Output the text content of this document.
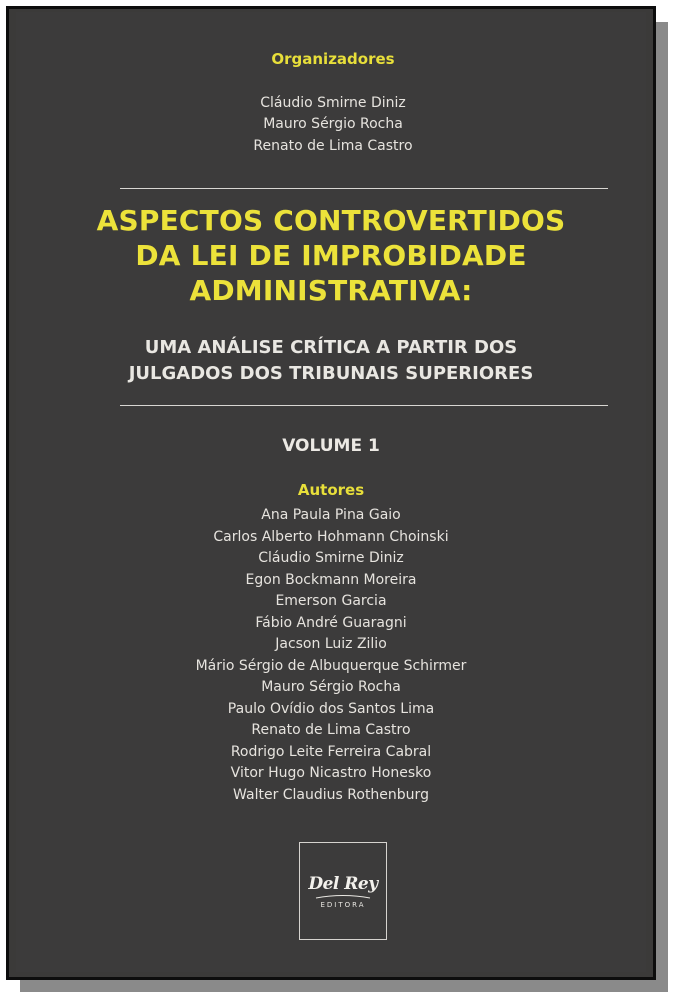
Organizadores
Cláudio Smirne Diniz
Mauro Sérgio Rocha
Renato de Lima Castro
ASPECTOS CONTROVERTIDOS
DA LEI DE IMPROBIDADE
ADMINISTRATIVA:
UMA ANÁLISE CRÍTICA A PARTIR DOS
JULGADOS DOS TRIBUNAIS SUPERIORES
VOLUME 1
Autores
Ana Paula Pina Gaio
Carlos Alberto Hohmann Choinski
Cláudio Smirne Diniz
Egon Bockmann Moreira
Emerson Garcia
Fábio André Guaragni
Jacson Luiz Zilio
Mário Sérgio de Albuquerque Schirmer
Mauro Sérgio Rocha
Paulo Ovídio dos Santos Lima
Renato de Lima Castro
Rodrigo Leite Ferreira Cabral
Vitor Hugo Nicastro Honesko
Walter Claudius Rothenburg
Del Rey
EDITORA
